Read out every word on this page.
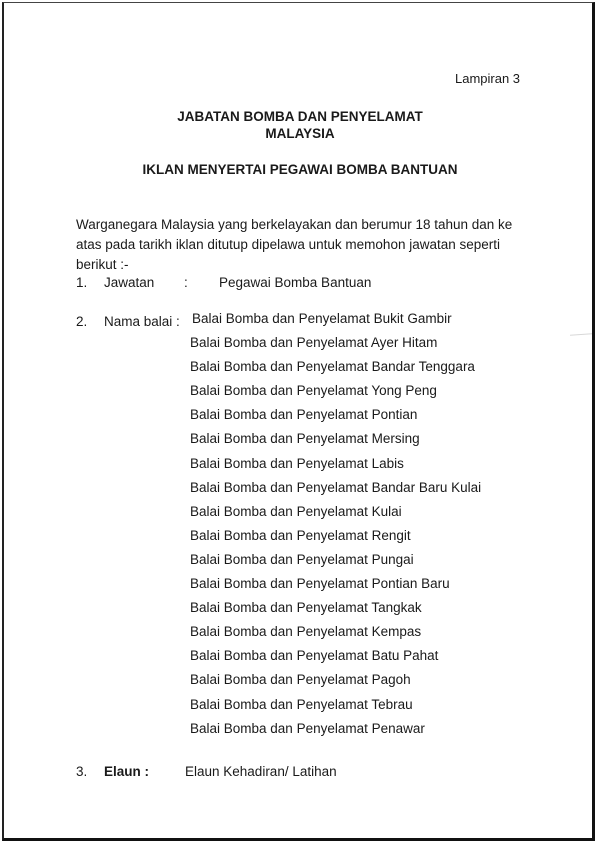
Lampiran 3
JABATAN BOMBA DAN PENYELAMAT
MALAYSIA
IKLAN MENYERTAI PEGAWAI BOMBA BANTUAN

Warganegara Malaysia yang berkelayakan dan berumur 18 tahun dan ke atas pada tarikh iklan ditutup dipelawa untuk memohon jawatan seperti berikut :-

1. Jawatan : Pegawai Bomba Bantuan
2. Nama balai : Balai Bomba dan Penyelamat Bukit Gambir
Balai Bomba dan Penyelamat Ayer Hitam
Balai Bomba dan Penyelamat Bandar Tenggara
Balai Bomba dan Penyelamat Yong Peng
Balai Bomba dan Penyelamat Pontian
Balai Bomba dan Penyelamat Mersing
Balai Bomba dan Penyelamat Labis
Balai Bomba dan Penyelamat Bandar Baru Kulai
Balai Bomba dan Penyelamat Kulai
Balai Bomba dan Penyelamat Rengit
Balai Bomba dan Penyelamat Pungai
Balai Bomba dan Penyelamat Pontian Baru
Balai Bomba dan Penyelamat Tangkak
Balai Bomba dan Penyelamat Kempas
Balai Bomba dan Penyelamat Batu Pahat
Balai Bomba dan Penyelamat Pagoh
Balai Bomba dan Penyelamat Tebrau
Balai Bomba dan Penyelamat Penawar
3. Elaun :	Elaun Kehadiran/ Latihan
